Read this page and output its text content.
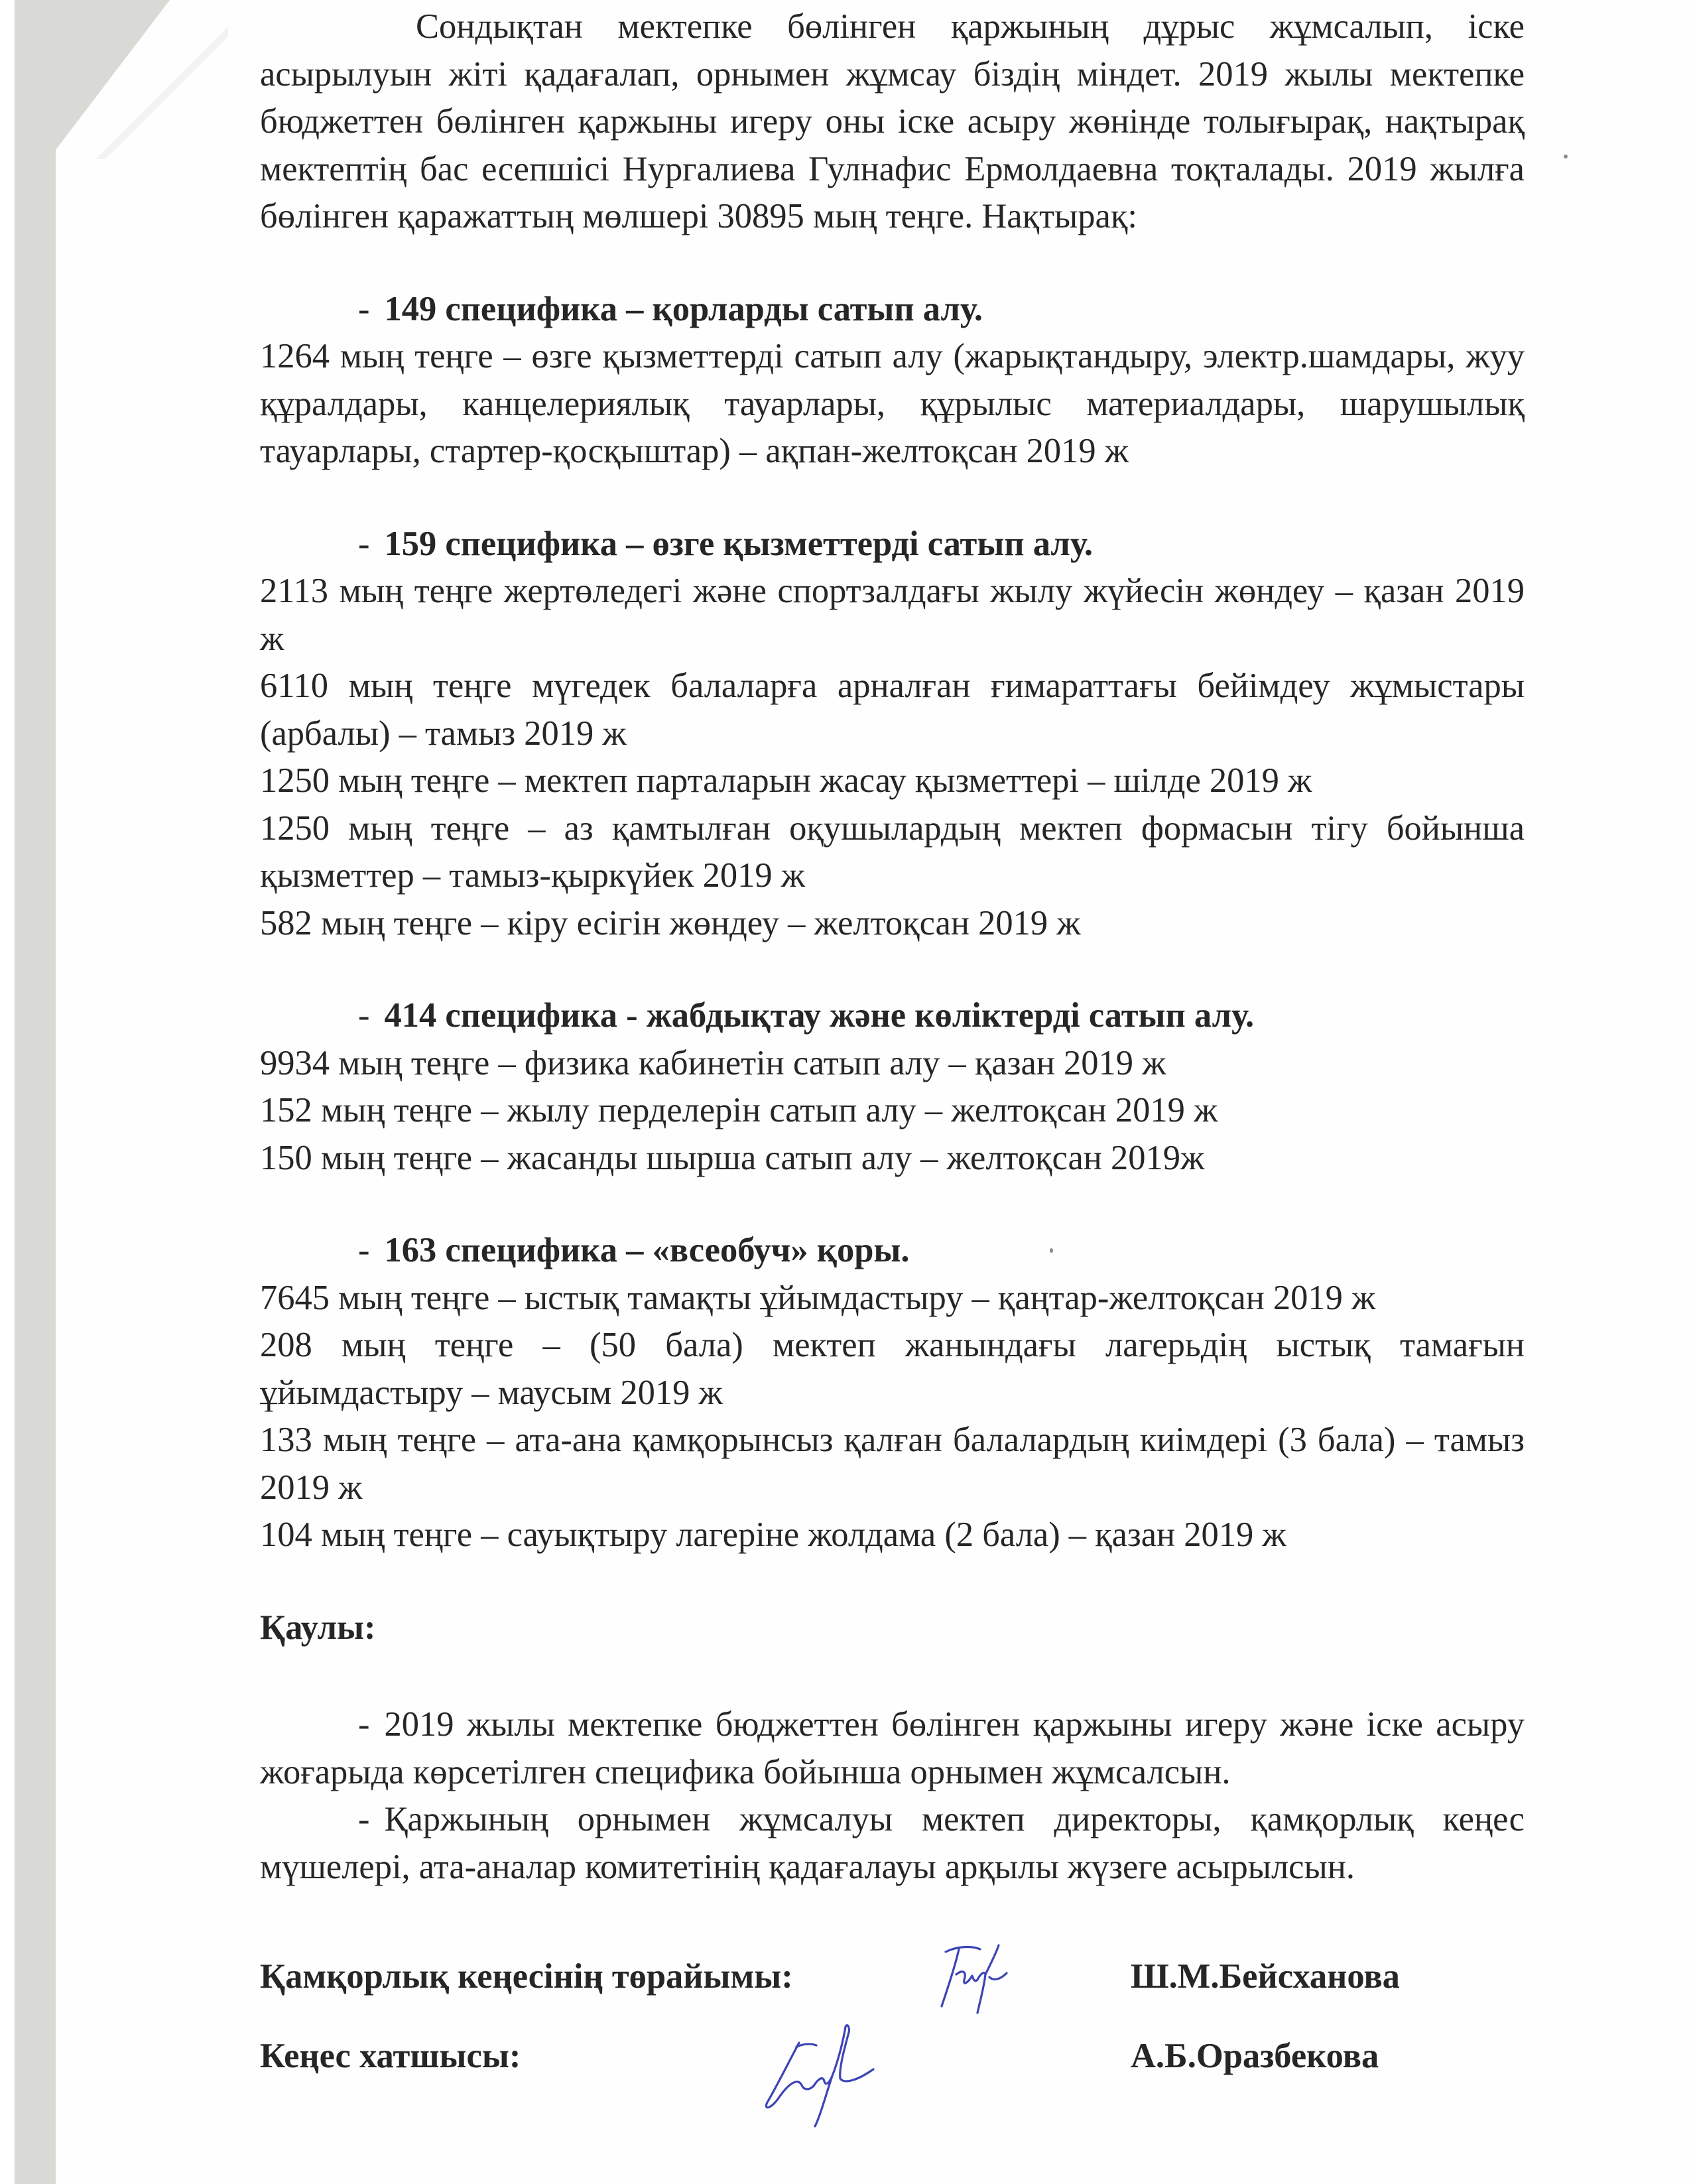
Сондықтан мектепке бөлінген қаржының дұрыс жұмсалып, іске асырылуын жіті қадағалап, орнымен жұмсау біздің міндет. 2019 жылы мектепке бюджеттен бөлінген қаржыны игеру оны іске асыру жөнінде толығырақ, нақтырақ мектептің бас есепшісі Нургалиева Гулнафис Ермолдаевна тоқталады. 2019 жылға бөлінген қаражаттың мөлшері 30895 мың теңге. Нақтырақ:

- 149 специфика – қорларды сатып алу.

1264 мың теңге – өзге қызметтерді сатып алу (жарықтандыру, электр.шамдары, жуу құралдары, канцелериялық тауарлары, құрылыс материалдары, шарушылық тауарлары, стартер-қосқыштар) – ақпан-желтоқсан 2019 ж

- 159 специфика – өзге қызметтерді сатып алу.

2113 мың теңге жертөледегі және спортзалдағы жылу жүйесін жөндеу – қазан 2019 ж

6110 мың теңге мүгедек балаларға арналған ғимараттағы бейімдеу жұмыстары (арбалы) – тамыз 2019 ж

1250 мың теңге – мектеп парталарын жасау қызметтері – шілде 2019 ж

1250 мың теңге – аз қамтылған оқушылардың мектеп формасын тігу бойынша қызметтер – тамыз-қыркүйек 2019 ж

582 мың теңге – кіру есігін жөндеу – желтоқсан 2019 ж

- 414 специфика - жабдықтау және көліктерді сатып алу.

9934 мың теңге – физика кабинетін сатып алу – қазан 2019 ж

152 мың теңге – жылу перделерін сатып алу – желтоқсан 2019 ж

150 мың теңге – жасанды шырша сатып алу – желтоқсан 2019ж

- 163 специфика – «всеобуч» қоры.

7645 мың теңге – ыстық тамақты ұйымдастыру – қаңтар-желтоқсан 2019 ж

208 мың теңге – (50 бала) мектеп жанындағы лагерьдің ыстық тамағын ұйымдастыру – маусым 2019 ж

133 мың теңге – ата-ана қамқорынсыз қалған балалардың киімдері (3 бала) – тамыз 2019 ж

104 мың теңге – сауықтыру лагеріне жолдама (2 бала) – қазан 2019 ж

Қаулы:

- 2019 жылы мектепке бюджеттен бөлінген қаржыны игеру және іске асыру жоғарыда көрсетілген специфика бойынша орнымен жұмсалсын.

- Қаржының орнымен жұмсалуы мектеп директоры, қамқорлық кеңес мүшелері, ата-аналар комитетінің қадағалауы арқылы жүзеге асырылсын.

Қамқорлық кеңесінің төрайымы:	Ш.М.Бейсханова
Кеңес хатшысы:	А.Б.Оразбекова
